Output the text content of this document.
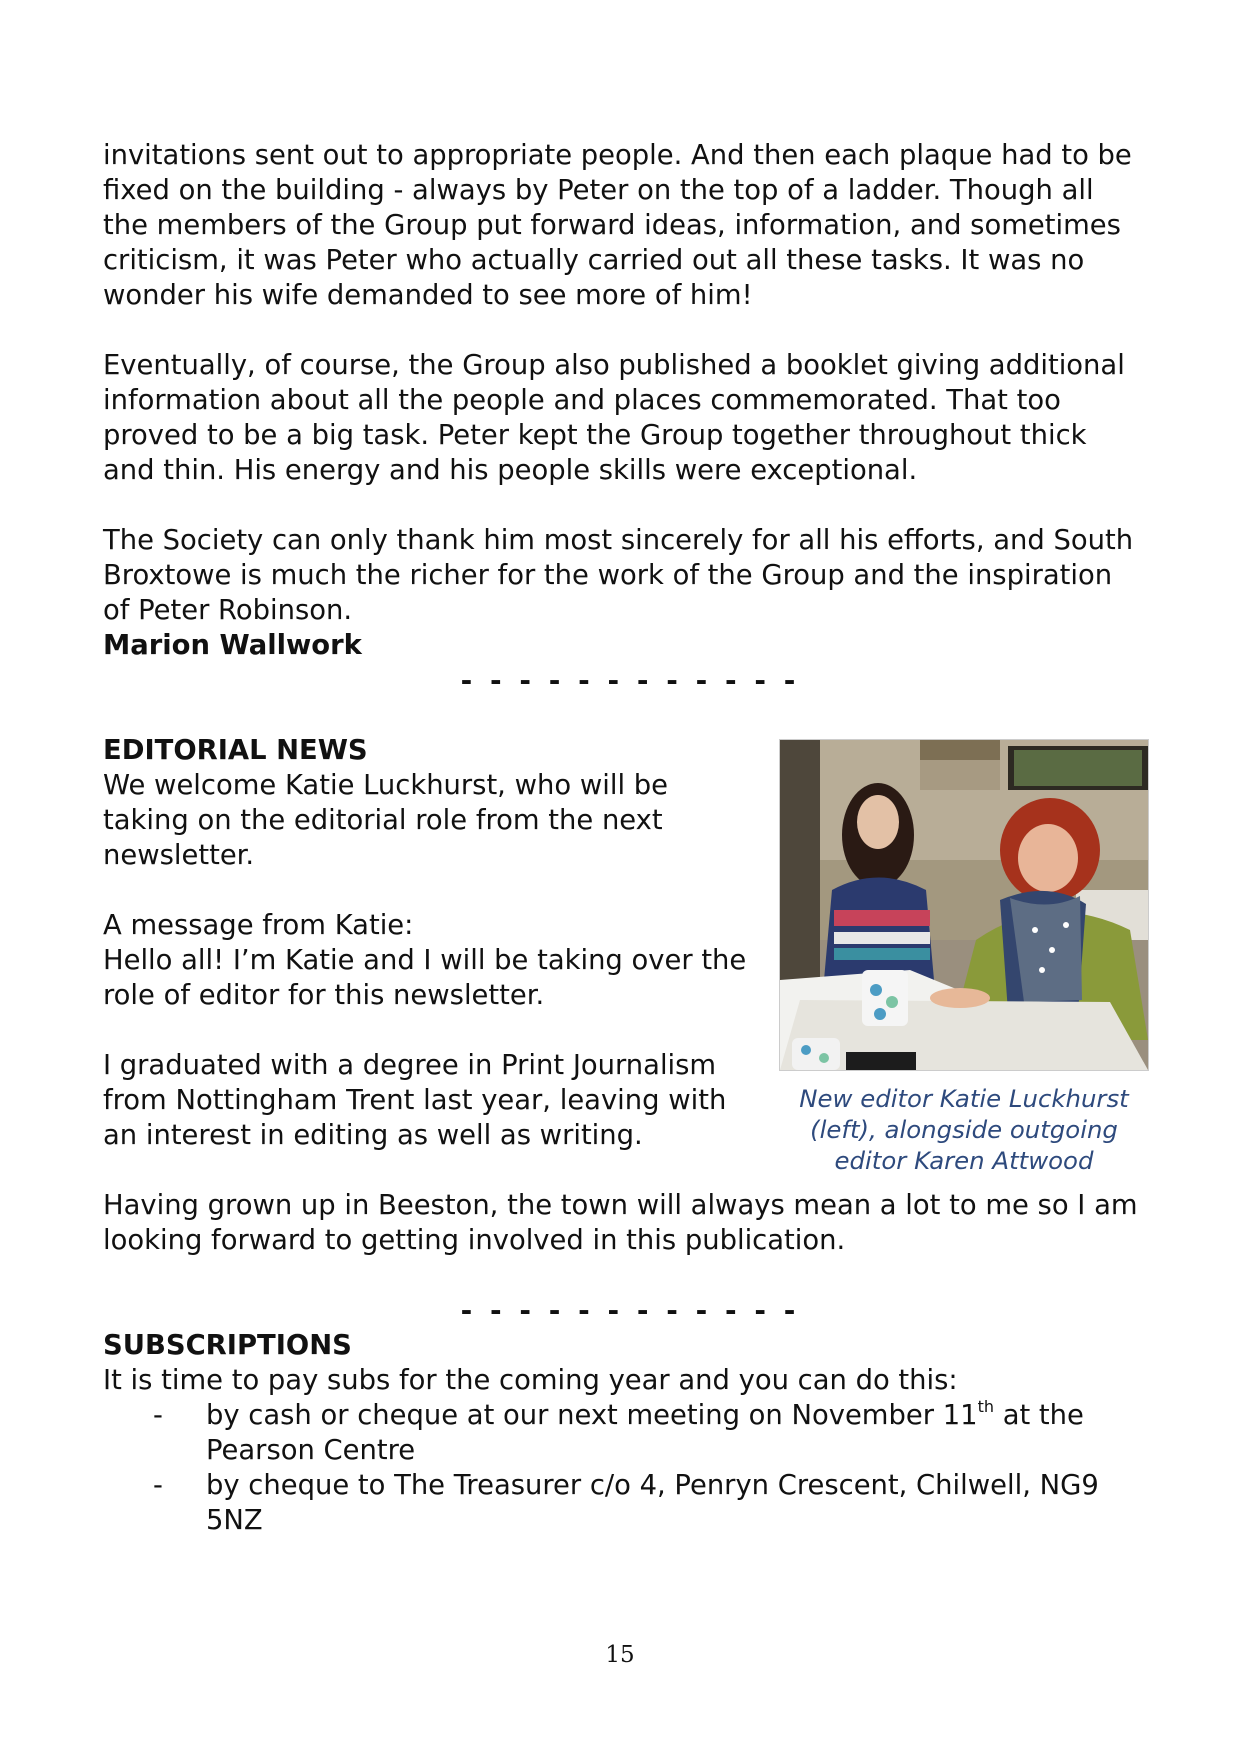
invitations sent out to appropriate people. And then each plaque had to be fixed on the building - always by Peter on the top of a ladder. Though all the members of the Group put forward ideas, information, and sometimes criticism, it was Peter who actually carried out all these tasks. It was no wonder his wife demanded to see more of him!

Eventually, of course, the Group also published a booklet giving additional information about all the people and places commemorated. That too proved to be a big task. Peter kept the Group together throughout thick and thin. His energy and his people skills were exceptional.

The Society can only thank him most sincerely for all his efforts, and South Broxtowe is much the richer for the work of the Group and the inspiration of Peter Robinson.

Marion Wallwork

- - - - - - - - - - - -

EDITORIAL NEWS

We welcome Katie Luckhurst, who will be taking on the editorial role from the next newsletter.

A message from Katie:

Hello all! I’m Katie and I will be taking over the role of editor for this newsletter.

I graduated with a degree in Print Journalism from Nottingham Trent last year, leaving with an interest in editing as well as writing.

New editor Katie Luckhurst (left), alongside outgoing editor Karen Attwood

Having grown up in Beeston, the town will always mean a lot to me so I am looking forward to getting involved in this publication.

- - - - - - - - - - - -

SUBSCRIPTIONS

It is time to pay subs for the coming year and you can do this:

- by cash or cheque at our next meeting on November 11th at the Pearson Centre
- by cheque to The Treasurer c/o 4, Penryn Crescent, Chilwell, NG9 5NZ
15
